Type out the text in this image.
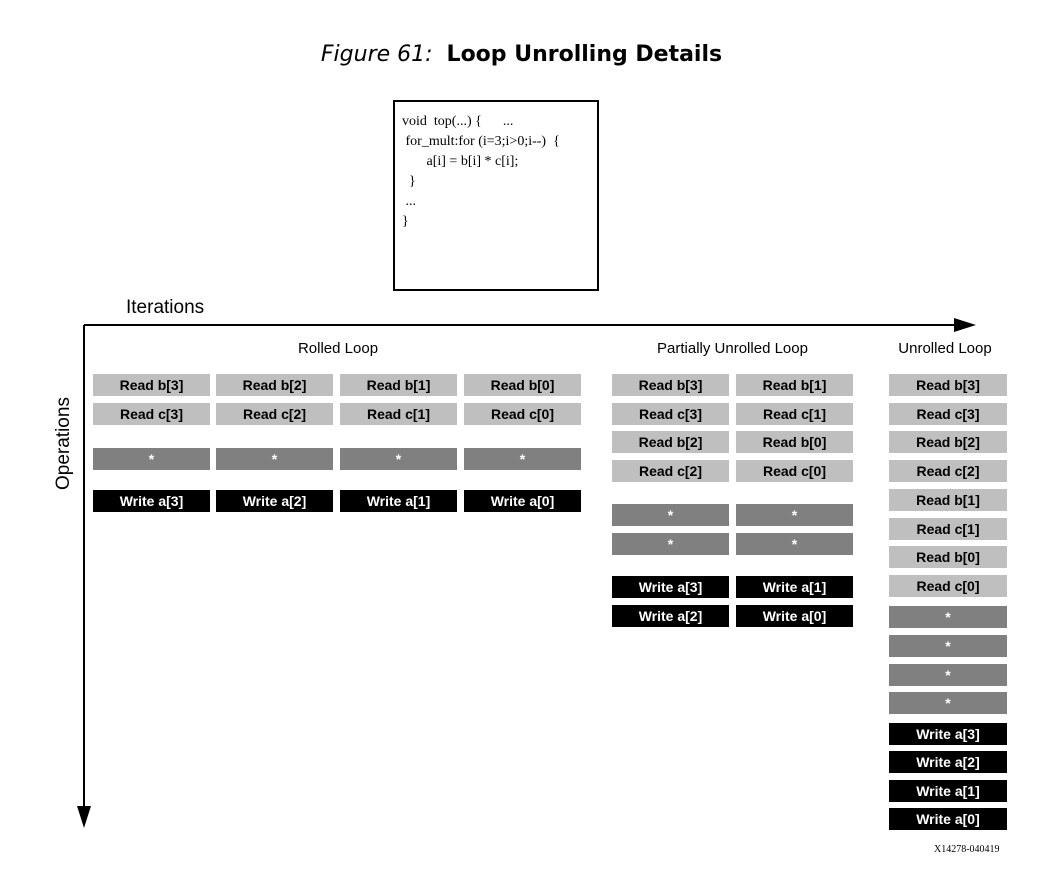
Figure 61: Loop Unrolling Details
void  top(...) {      ...
for_mult:for (i=3;i>0;i--)  {
a[i] = b[i] * c[i];
}
...
}
Iterations
Operations
Rolled Loop	Partially Unrolled Loop	Unrolled Loop
Read b[3]
Read c[3]
*
Write a[3]
Read b[2]
Read c[2]
*
Write a[2]
Read b[1]
Read c[1]
*
Write a[1]
Read b[0]
Read c[0]
*
Write a[0]
Read b[3]
Read c[3]
Read b[2]
Read c[2]
*
*
Write a[3]
Write a[2]
Read b[1]
Read c[1]
Read b[0]
Read c[0]
*
*
Write a[1]
Write a[0]
Read b[3]
Read c[3]
Read b[2]
Read c[2]
Read b[1]
Read c[1]
Read b[0]
Read c[0]
*
*
*
*
Write a[3]
Write a[2]
Write a[1]
Write a[0]
X14278-040419
